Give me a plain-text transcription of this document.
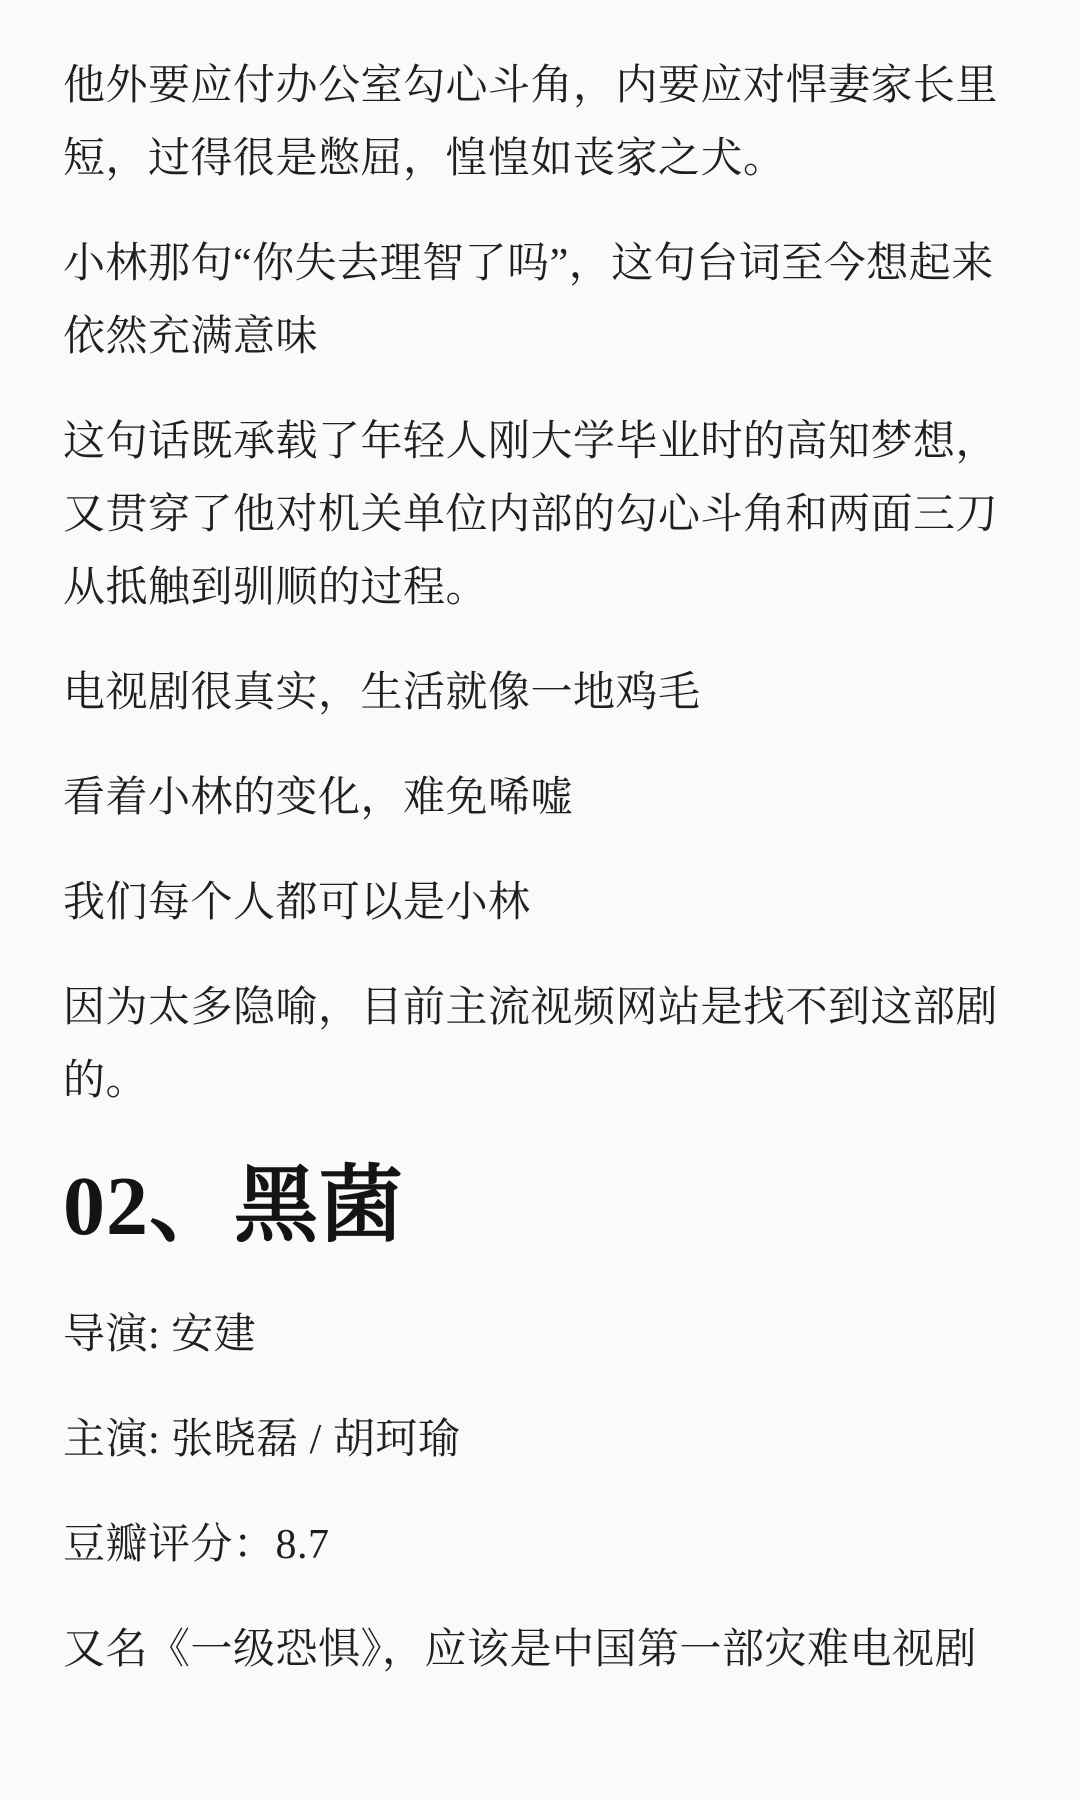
他外要应付办公室勾心斗角，内要应对悍妻家长里短，过得很是憋屈，惶惶如丧家之犬。

小林那句“你失去理智了吗”，这句台词至今想起来依然充满意味

这句话既承载了年轻人刚大学毕业时的高知梦想，又贯穿了他对机关单位内部的勾心斗角和两面三刀从抵触到驯顺的过程。

电视剧很真实，生活就像一地鸡毛

看着小林的变化，难免唏嘘

我们每个人都可以是小林

因为太多隐喻，目前主流视频网站是找不到这部剧的。

02、黑菌

导演: 安建

主演: 张晓磊 / 胡珂瑜

豆瓣评分：8.7

又名《一级恐惧》，应该是中国第一部灾难电视剧
